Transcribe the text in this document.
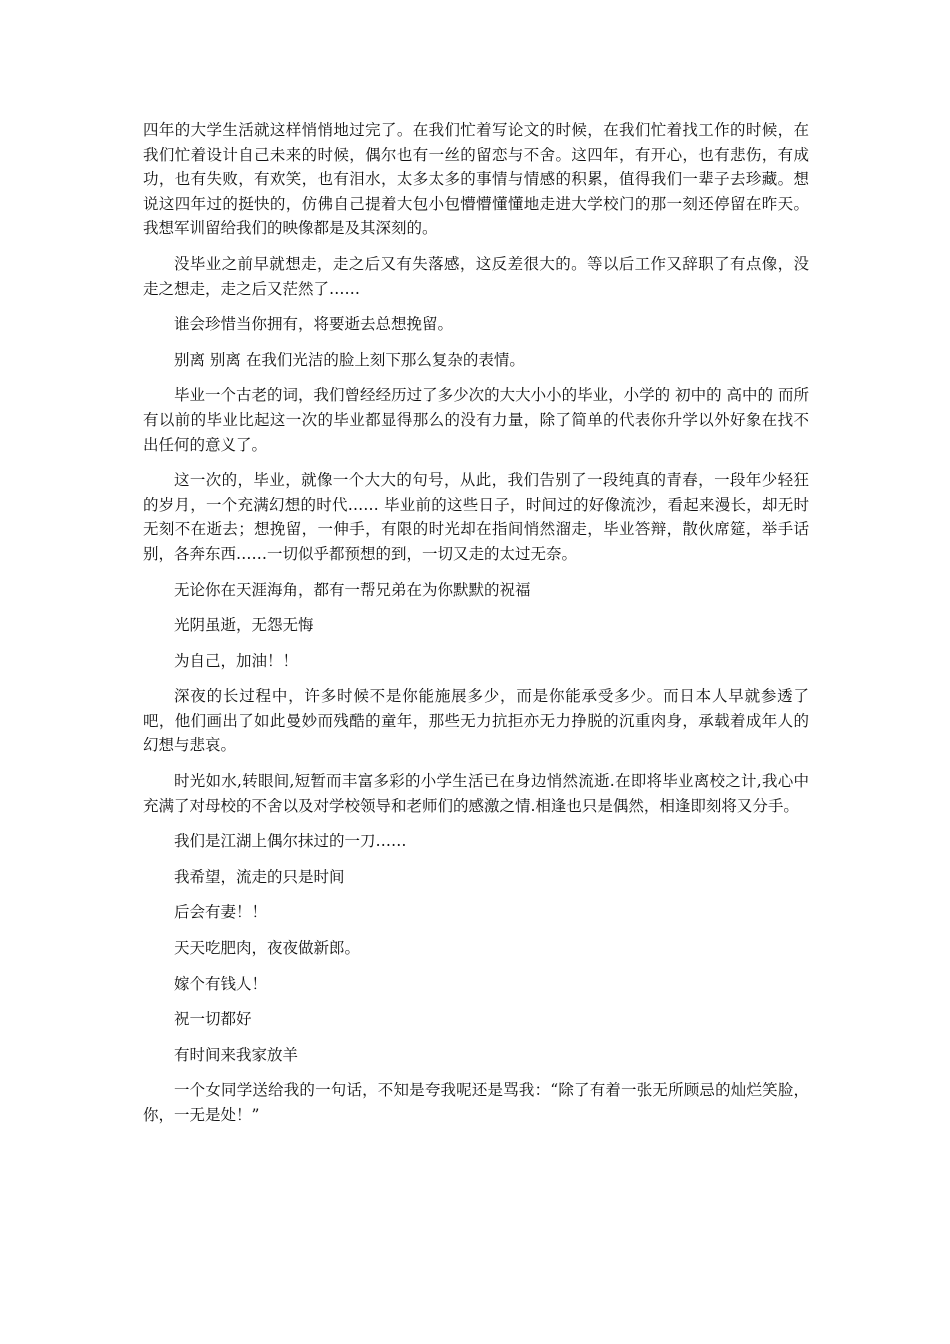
四年的大学生活就这样悄悄地过完了。在我们忙着写论文的时候，在我们忙着找工作的时候，在我们忙着设计自己未来的时候，偶尔也有一丝的留恋与不舍。这四年，有开心，也有悲伤，有成功，也有失败，有欢笑，也有泪水，太多太多的事情与情感的积累，值得我们一辈子去珍藏。想说这四年过的挺快的，仿佛自己提着大包小包懵懵懂懂地走进大学校门的那一刻还停留在昨天。 我想军训留给我们的映像都是及其深刻的。

没毕业之前早就想走，走之后又有失落感，这反差很大的。等以后工作又辞职了有点像，没走之想走，走之后又茫然了……

谁会珍惜当你拥有，将要逝去总想挽留。

别离 别离 在我们光洁的脸上刻下那么复杂的表情。

毕业一个古老的词，我们曾经经历过了多少次的大大小小的毕业，小学的 初中的 高中的 而所有以前的毕业比起这一次的毕业都显得那么的没有力量，除了简单的代表你升学以外好象在找不出任何的意义了。

这一次的，毕业，就像一个大大的句号，从此，我们告别了一段纯真的青春，一段年少轻狂的岁月，一个充满幻想的时代…… 毕业前的这些日子，时间过的好像流沙，看起来漫长，却无时无刻不在逝去；想挽留，一伸手，有限的时光却在指间悄然溜走，毕业答辩，散伙席筵，举手话别，各奔东西……一切似乎都预想的到，一切又走的太过无奈。

无论你在天涯海角，都有一帮兄弟在为你默默的祝福

光阴虽逝，无怨无悔

为自己，加油！！

深夜的长过程中，许多时候不是你能施展多少，而是你能承受多少。而日本人早就参透了吧，他们画出了如此曼妙而残酷的童年，那些无力抗拒亦无力挣脱的沉重肉身，承载着成年人的幻想与悲哀。

时光如水,转眼间,短暂而丰富多彩的小学生活已在身边悄然流逝.在即将毕业离校之计,我心中充满了对母校的不舍以及对学校领导和老师们的感激之情.相逢也只是偶然，相逢即刻将又分手。

我们是江湖上偶尔抹过的一刀……

我希望，流走的只是时间

后会有妻！！

天天吃肥肉，夜夜做新郎。

嫁个有钱人！

祝一切都好

有时间来我家放羊

一个女同学送给我的一句话，不知是夸我呢还是骂我：“除了有着一张无所顾忌的灿烂笑脸，你，一无是处！”
